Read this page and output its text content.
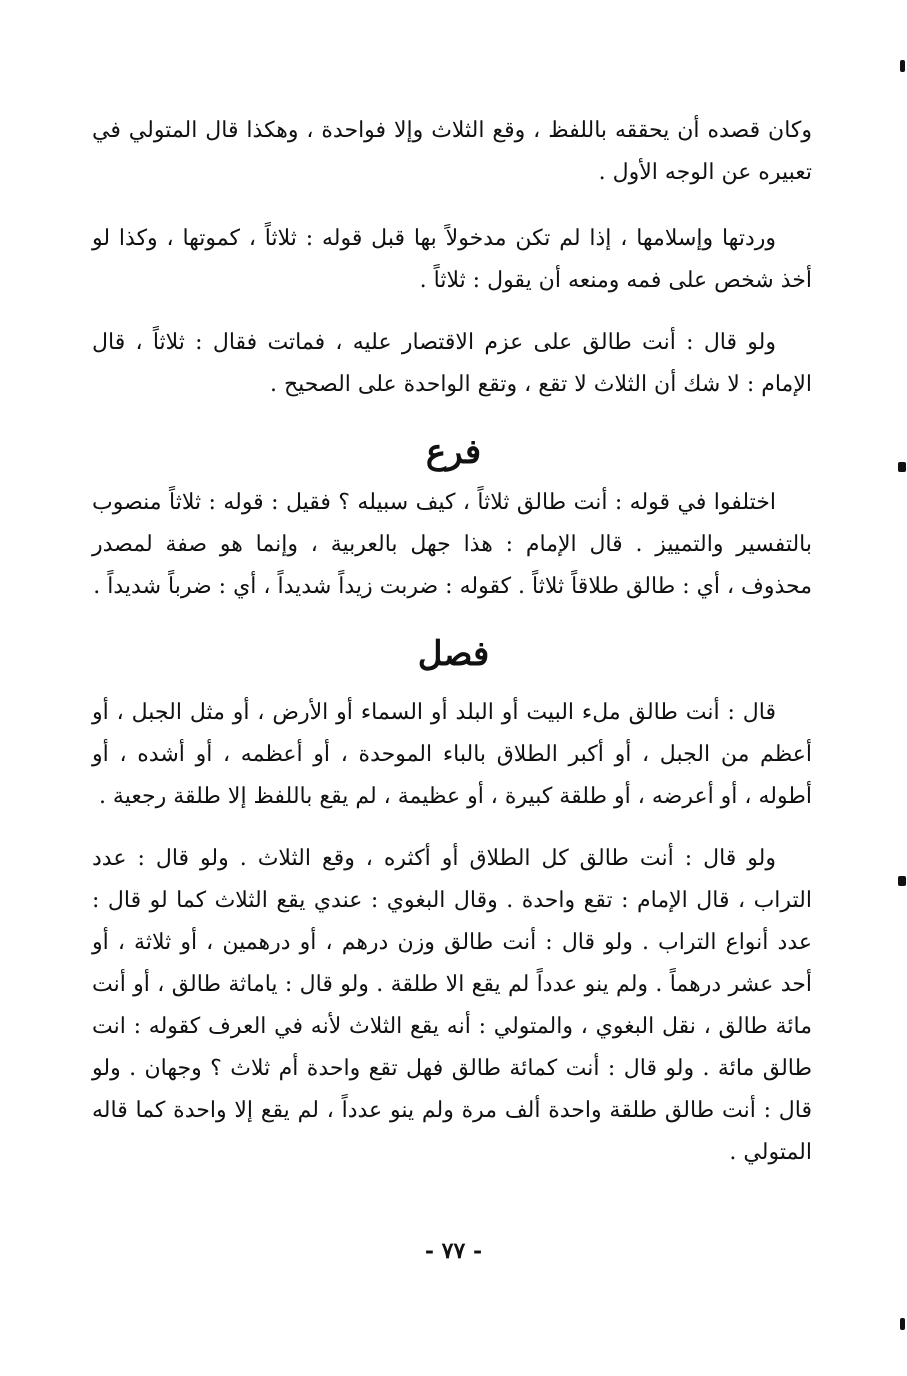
وكان قصده أن يحققه باللفظ ، وقع الثلاث وإلا فواحدة ، وهكذا قال المتولي في تعبيره عن الوجه الأول .
وردتها وإسلامها ، إذا لم تكن مدخولاً بها قبل قوله : ثلاثاً ، كموتها ، وكذا لو أخذ شخص على فمه ومنعه أن يقول : ثلاثاً .
ولو قال : أنت طالق على عزم الاقتصار عليه ، فماتت فقال : ثلاثاً ، قال الإمام : لا شك أن الثلاث لا تقع ، وتقع الواحدة على الصحيح .
فرع
اختلفوا في قوله : أنت طالق ثلاثاً ، كيف سبيله ؟ فقيل : قوله : ثلاثاً منصوب بالتفسير والتمييز . قال الإمام : هذا جهل بالعربية ، وإنما هو صفة لمصدر محذوف ، أي : طالق طلاقاً ثلاثاً . كقوله : ضربت زيداً شديداً ، أي : ضرباً شديداً .
فصل
قال : أنت طالق ملء البيت أو البلد أو السماء أو الأرض ، أو مثل الجبل ، أو أعظم من الجبل ، أو أكبر الطلاق بالباء الموحدة ، أو أعظمه ، أو أشده ، أو أطوله ، أو أعرضه ، أو طلقة كبيرة ، أو عظيمة ، لم يقع باللفظ إلا طلقة رجعية .
ولو قال : أنت طالق كل الطلاق أو أكثره ، وقع الثلاث . ولو قال : عدد التراب ، قال الإمام : تقع واحدة . وقال البغوي : عندي يقع الثلاث كما لو قال : عدد أنواع التراب . ولو قال : أنت طالق وزن درهم ، أو درهمين ، أو ثلاثة ، أو أحد عشر درهماً . ولم ينو عدداً لم يقع الا طلقة . ولو قال : ياماثة طالق ، أو أنت مائة طالق ، نقل البغوي ، والمتولي : أنه يقع الثلاث لأنه في العرف كقوله : انت طالق مائة . ولو قال : أنت كمائة طالق فهل تقع واحدة أم ثلاث ؟ وجهان . ولو قال : أنت طالق طلقة واحدة ألف مرة ولم ينو عدداً ، لم يقع إلا واحدة كما قاله المتولي .
- ٧٧ -
